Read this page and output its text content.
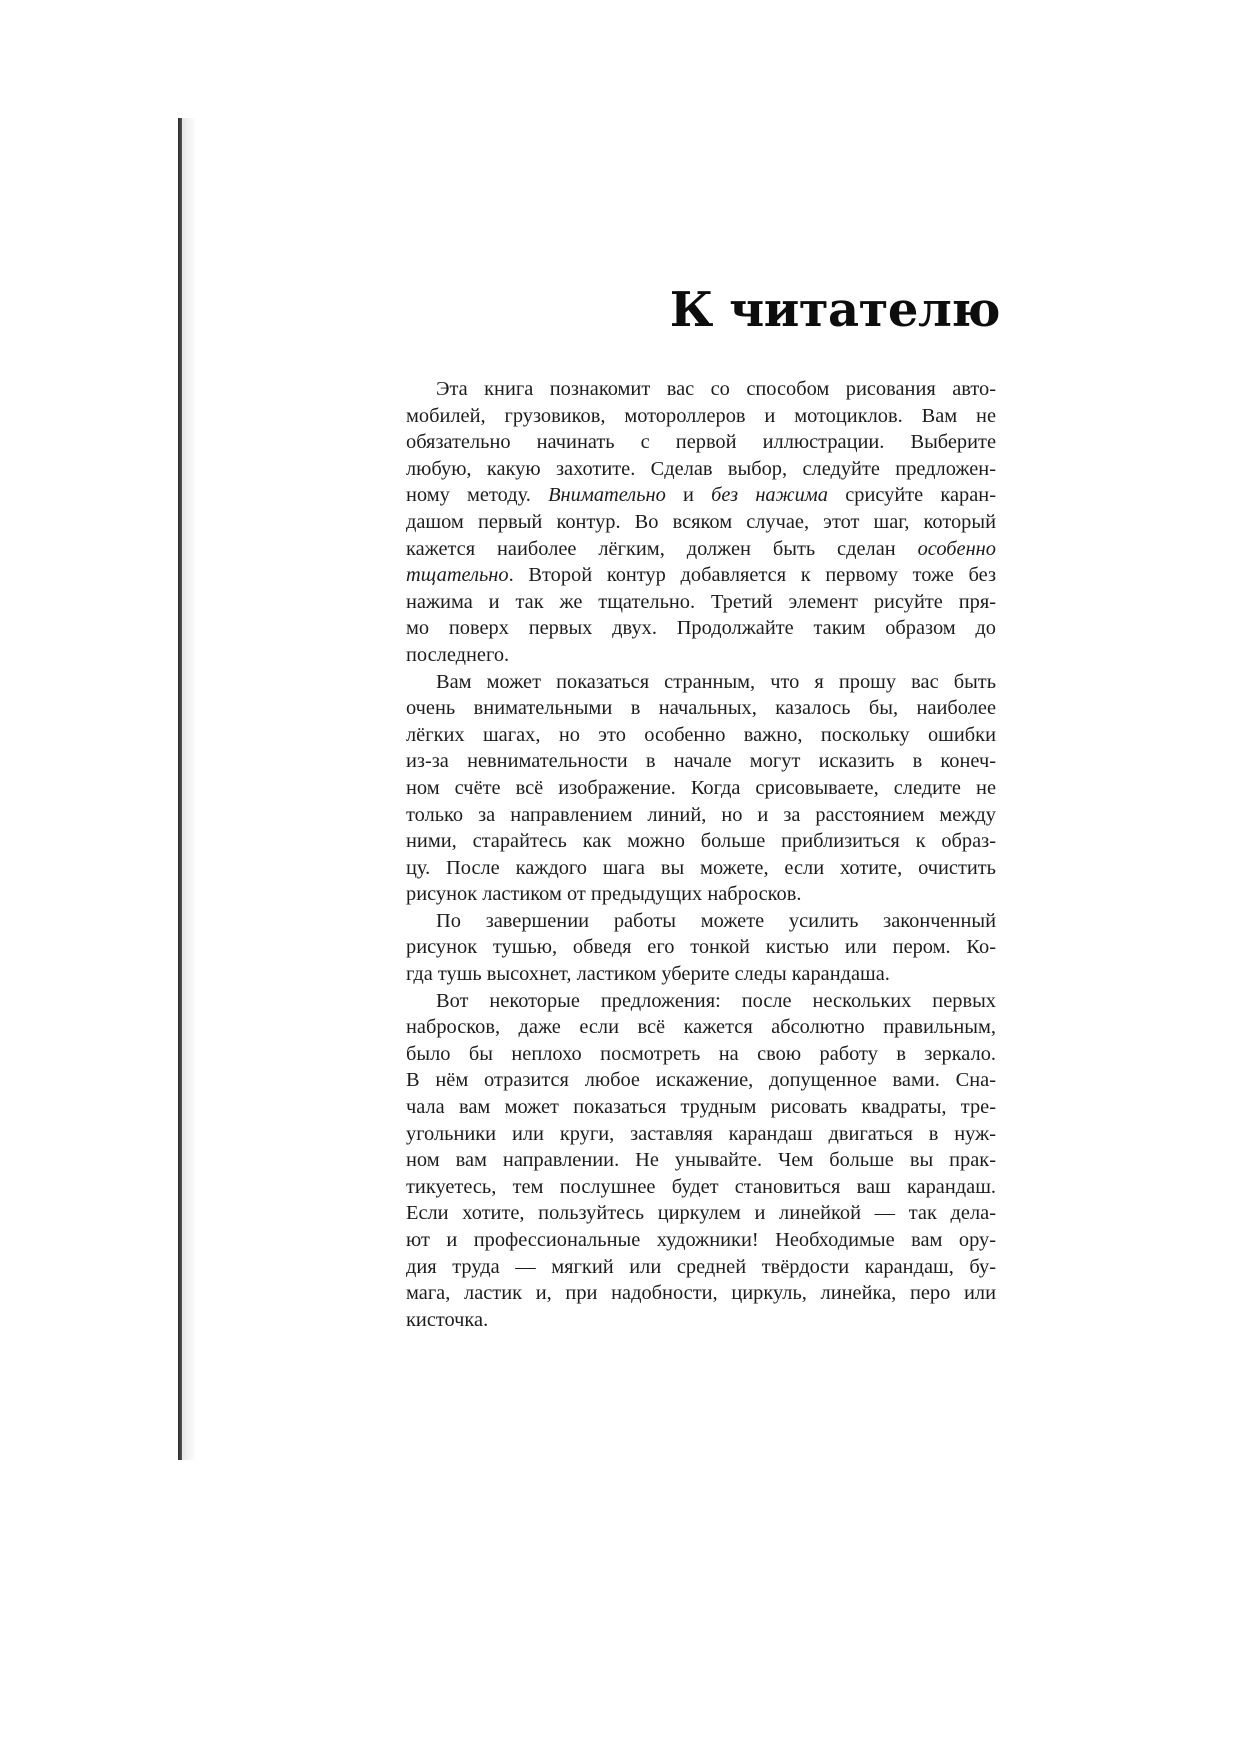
К читателю
Эта книга познакомит вас со способом рисования авто-
мобилей, грузовиков, мотороллеров и мотоциклов. Вам не
обязательно начинать с первой иллюстрации. Выберите
любую, какую захотите. Сделав выбор, следуйте предложен-
ному методу. Внимательно и без нажима срисуйте каран-
дашом первый контур. Во всяком случае, этот шаг, который
кажется наиболее лёгким, должен быть сделан особенно
тщательно. Второй контур добавляется к первому тоже без
нажима и так же тщательно. Третий элемент рисуйте пря-
мо поверх первых двух. Продолжайте таким образом до
последнего.
Вам может показаться странным, что я прошу вас быть
очень внимательными в начальных, казалось бы, наиболее
лёгких шагах, но это особенно важно, поскольку ошибки
из-за невнимательности в начале могут исказить в конеч-
ном счёте всё изображение. Когда срисовываете, следите не
только за направлением линий, но и за расстоянием между
ними, старайтесь как можно больше приблизиться к образ-
цу. После каждого шага вы можете, если хотите, очистить
рисунок ластиком от предыдущих набросков.
По завершении работы можете усилить законченный
рисунок тушью, обведя его тонкой кистью или пером. Ко-
гда тушь высохнет, ластиком уберите следы карандаша.
Вот некоторые предложения: после нескольких первых
набросков, даже если всё кажется абсолютно правильным,
было бы неплохо посмотреть на свою работу в зеркало.
В нём отразится любое искажение, допущенное вами. Сна-
чала вам может показаться трудным рисовать квадраты, тре-
угольники или круги, заставляя карандаш двигаться в нуж-
ном вам направлении. Не унывайте. Чем больше вы прак-
тикуетесь, тем послушнее будет становиться ваш карандаш.
Если хотите, пользуйтесь циркулем и линейкой — так дела-
ют и профессиональные художники! Необходимые вам ору-
дия труда — мягкий или средней твёрдости карандаш, бу-
мага, ластик и, при надобности, циркуль, линейка, перо или
кисточка.
